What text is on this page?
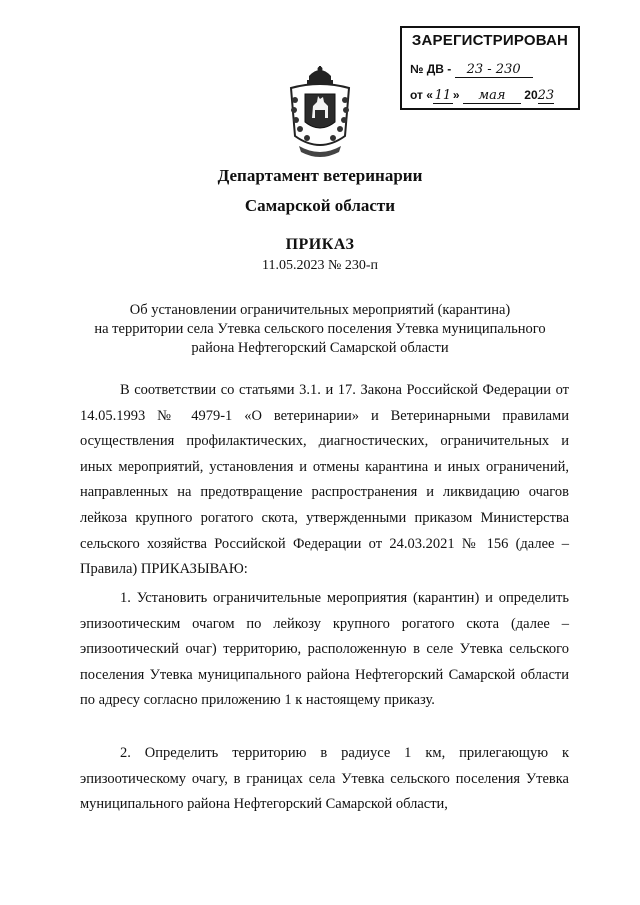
ЗАРЕГИСТРИРОВАН
№ ДВ - 23 - 230
от « 11 » мая 2023
Департамент ветеринарии
Самарской области
ПРИКАЗ
11.05.2023 № 230-п
Об установлении ограничительных мероприятий (карантина)
на территории села Утевка сельского поселения Утевка муниципального
района Нефтегорский Самарской области

В соответствии со статьями 3.1. и 17. Закона Российской Федерации от 14.05.1993 № 4979-1 «О ветеринарии» и Ветеринарными правилами осуществления профилактических, диагностических, ограничительных и иных мероприятий, установления и отмены карантина и иных ограничений, направленных на предотвращение распространения и ликвидацию очагов лейкоза крупного рогатого скота, утвержденными приказом Министерства сельского хозяйства Российской Федерации от 24.03.2021 № 156 (далее – Правила) ПРИКАЗЫВАЮ:

1. Установить ограничительные мероприятия (карантин) и определить эпизоотическим очагом по лейкозу крупного рогатого скота (далее – эпизоотический очаг) территорию, расположенную в селе Утевка сельского поселения Утевка муниципального района Нефтегорский Самарской области по адресу согласно приложению 1 к настоящему приказу.

2. Определить территорию в радиусе 1 км, прилегающую к эпизоотическому очагу, в границах села Утевка сельского поселения Утевка муниципального района Нефтегорский Самарской области,
